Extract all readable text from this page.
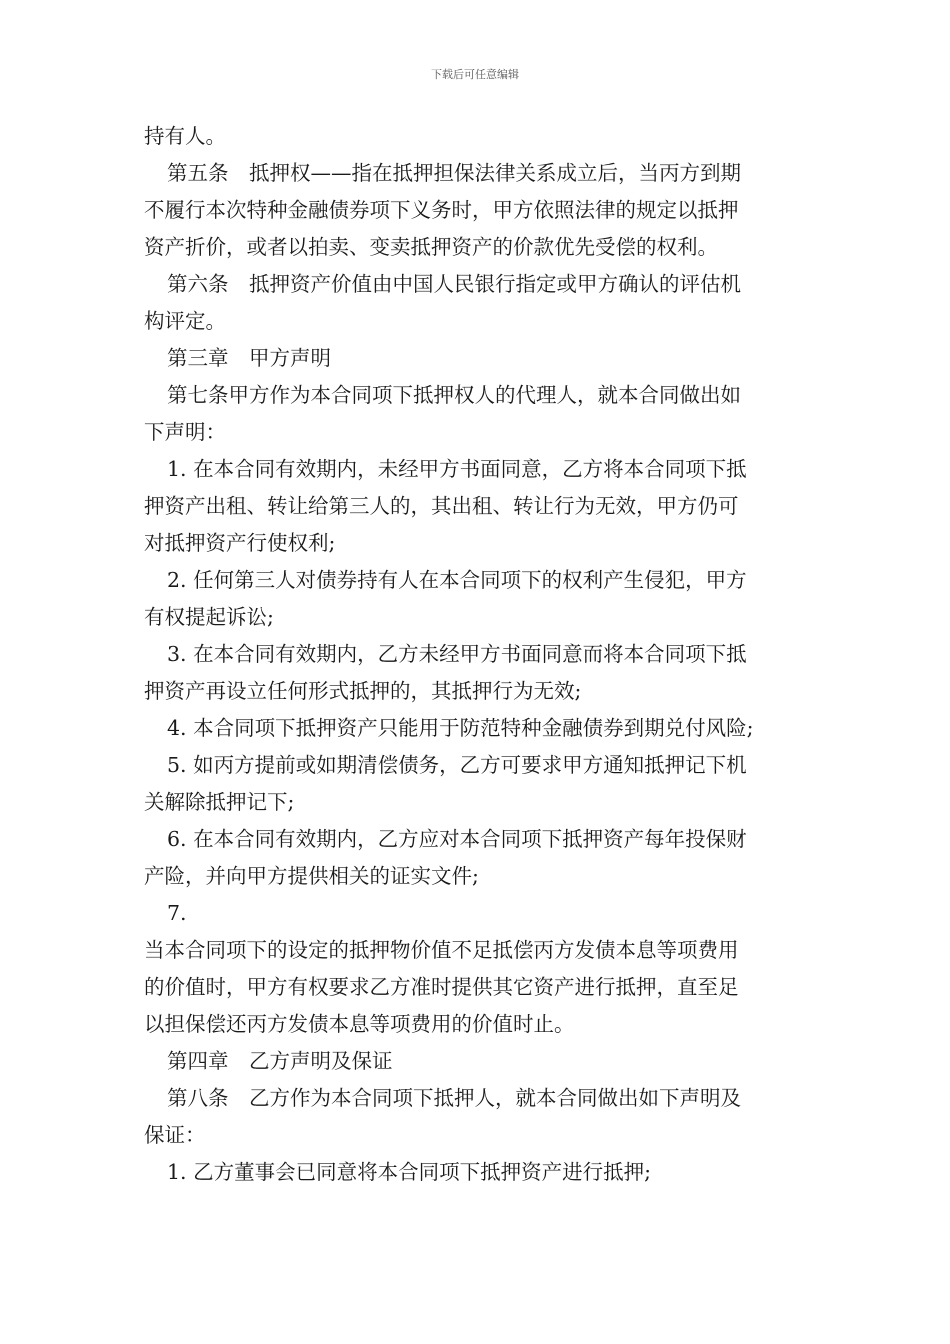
下载后可任意编辑
持有人。
第五条　抵押权——指在抵押担保法律关系成立后，当丙方到期
不履行本次特种金融债券项下义务时，甲方依照法律的规定以抵押
资产折价，或者以拍卖、变卖抵押资产的价款优先受偿的权利。
第六条　抵押资产价值由中国人民银行指定或甲方确认的评估机
构评定。
第三章　甲方声明
第七条甲方作为本合同项下抵押权人的代理人，就本合同做出如
下声明：
1. 在本合同有效期内，未经甲方书面同意，乙方将本合同项下抵
押资产出租、转让给第三人的，其出租、转让行为无效，甲方仍可
对抵押资产行使权利;
2. 任何第三人对债券持有人在本合同项下的权利产生侵犯，甲方
有权提起诉讼;
3. 在本合同有效期内，乙方未经甲方书面同意而将本合同项下抵
押资产再设立任何形式抵押的，其抵押行为无效;
4. 本合同项下抵押资产只能用于防范特种金融债券到期兑付风险;
5. 如丙方提前或如期清偿债务，乙方可要求甲方通知抵押记下机
关解除抵押记下;
6. 在本合同有效期内，乙方应对本合同项下抵押资产每年投保财
产险，并向甲方提供相关的证实文件;
7.
当本合同项下的设定的抵押物价值不足抵偿丙方发债本息等项费用
的价值时，甲方有权要求乙方准时提供其它资产进行抵押，直至足
以担保偿还丙方发债本息等项费用的价值时止。
第四章　乙方声明及保证
第八条　乙方作为本合同项下抵押人，就本合同做出如下声明及
保证：
1. 乙方董事会已同意将本合同项下抵押资产进行抵押;
